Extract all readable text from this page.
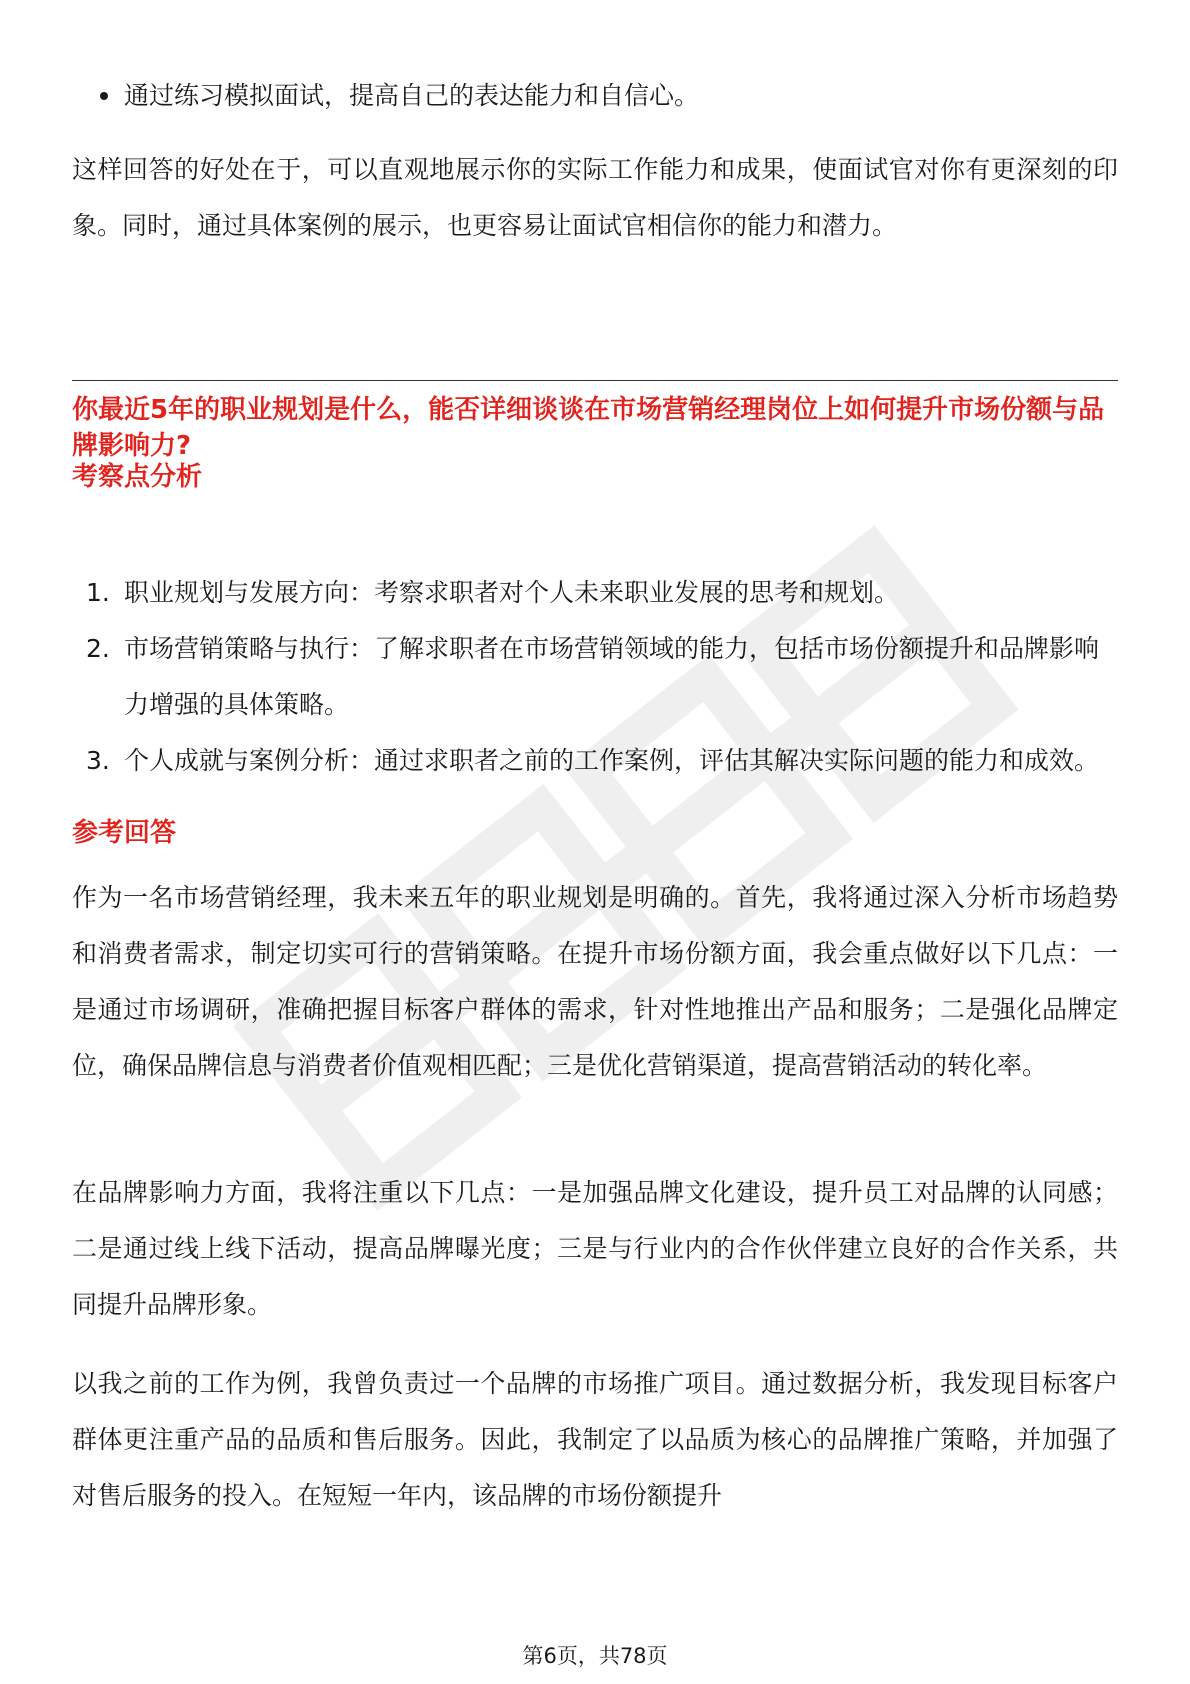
通过练习模拟面试，提高自己的表达能力和自信心。

这样回答的好处在于，可以直观地展示你的实际工作能力和成果，使面试官对你有更深刻的印象。同时，通过具体案例的展示，也更容易让面试官相信你的能力和潜力。

你最近5年的职业规划是什么，能否详细谈谈在市场营销经理岗位上如何提升市场份额与品牌影响力?
考察点分析
1. 职业规划与发展方向：考察求职者对个人未来职业发展的思考和规划。
2. 市场营销策略与执行：了解求职者在市场营销领域的能力，包括市场份额提升和品牌影响力增强的具体策略。
3. 个人成就与案例分析：通过求职者之前的工作案例，评估其解决实际问题的能力和成效。
参考回答

作为一名市场营销经理，我未来五年的职业规划是明确的。首先，我将通过深入分析市场趋势和消费者需求，制定切实可行的营销策略。在提升市场份额方面，我会重点做好以下几点：一是通过市场调研，准确把握目标客户群体的需求，针对性地推出产品和服务；二是强化品牌定位，确保品牌信息与消费者价值观相匹配；三是优化营销渠道，提高营销活动的转化率。

在品牌影响力方面，我将注重以下几点：一是加强品牌文化建设，提升员工对品牌的认同感；二是通过线上线下活动，提高品牌曝光度；三是与行业内的合作伙伴建立良好的合作关系，共同提升品牌形象。

以我之前的工作为例，我曾负责过一个品牌的市场推广项目。通过数据分析，我发现目标客户群体更注重产品的品质和售后服务。因此，我制定了以品质为核心的品牌推广策略，并加强了对售后服务的投入。在短短一年内，该品牌的市场份额提升

第6页，共78页
